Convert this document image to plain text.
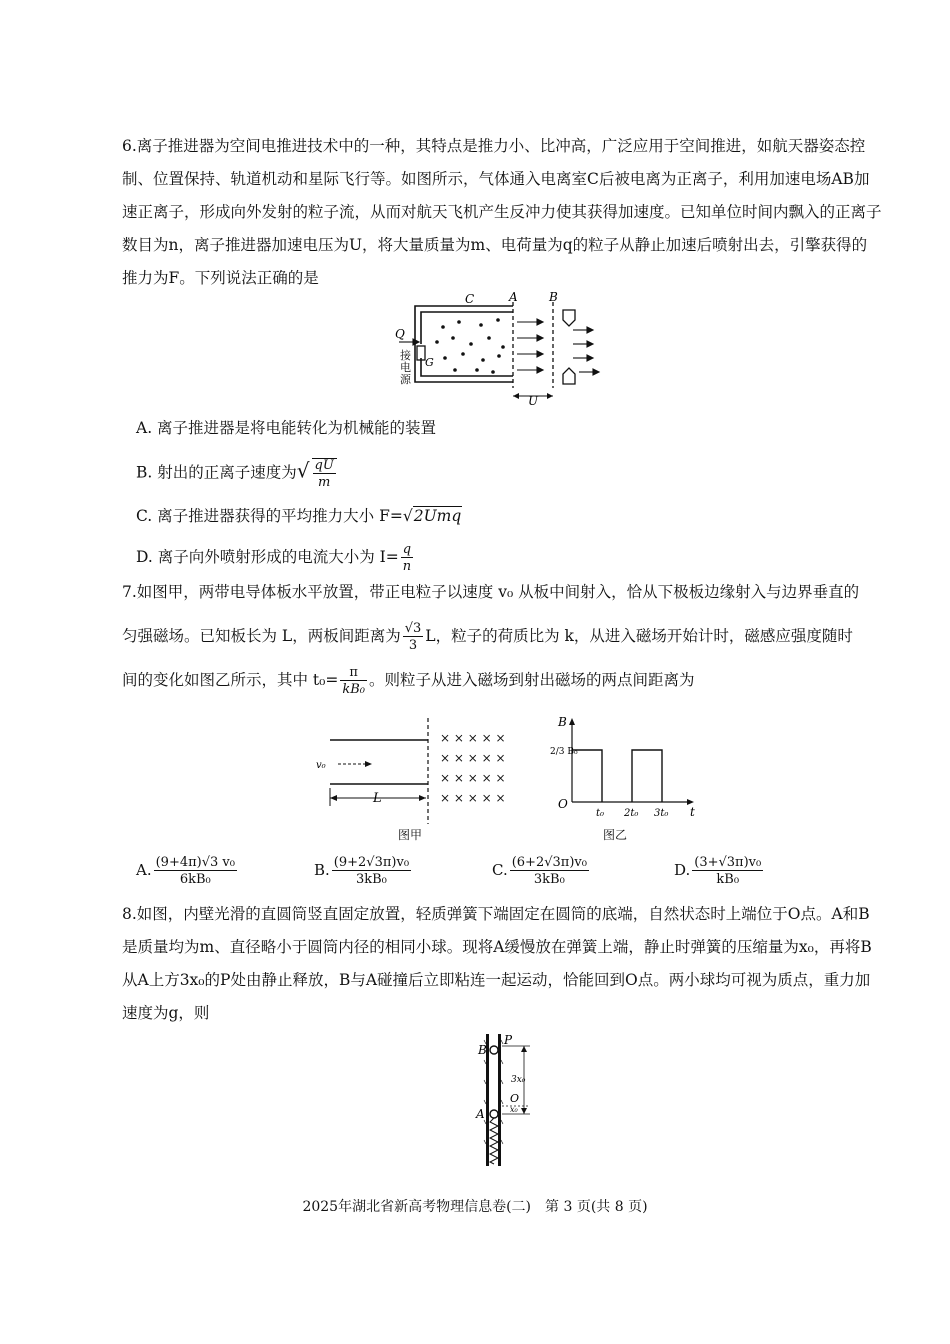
6.离子推进器为空间电推进技术中的一种，其特点是推力小、比冲高，广泛应用于空间推进，如航天器姿态控制、位置保持、轨道机动和星际飞行等。如图所示，气体通入电离室C后被电离为正离子，利用加速电场AB加速正离子，形成向外发射的粒子流，从而对航天飞机产生反冲力使其获得加速度。已知单位时间内飘入的正离子数目为n，离子推进器加速电压为U，将大量质量为m、电荷量为q的粒子从静止加速后喷射出去，引擎获得的推力为F。下列说法正确的是

C	A	B
Q
G
U
接电源
A. 离子推进器是将电能转化为机械能的装置
B. 射出的正离子速度为√ $\frac{qU}{m}$
C. 离子推进器获得的平均推力大小 F=√2Umq
D. 离子向外喷射形成的电流大小为 $I= \frac{q}{n}$

7.如图甲，两带电导体板水平放置，带正电粒子以速度 v₀ 从板中间射入，恰从下极板边缘射入与边界垂直的

匀强磁场。已知板长为 L，两板间距离为 $\frac{√3}{3}$ L，粒子的荷质比为 k，从进入磁场开始计时，磁感应强度随时

间的变化如图乙所示，其中 $t_0= \frac{\pi}{\text{kB₀}}$ 。则粒子从进入磁场到射出磁场的两点间距离为

× × × × ×
× × × × ×
× × × × ×
× × × × ×
v₀
L
图甲
B
t
O
2/3 B₀
t₀ 2t₀ 3t₀
图乙
A. $\frac{\text{(9+4π)√3 v₀}}{\text{6kB₀}}$	B. $\frac{\text{(9+2√3π)v₀}}{\text{3kB₀}}$	C. $\frac{\text{(6+2√3π)v₀}}{\text{3kB₀}}$	D. $\frac{\text{(3+√3π)v₀}}{\text{kB₀}}$

8.如图，内壁光滑的直圆筒竖直固定放置，轻质弹簧下端固定在圆筒的底端，自然状态时上端位于O点。A和B是质量均为m、直径略小于圆筒内径的相同小球。现将A缓慢放在弹簧上端，静止时弹簧的压缩量为x₀，再将B从A上方3x₀的P处由静止释放，B与A碰撞后立即粘连一起运动，恰能回到O点。两小球均可视为质点，重力加速度为g，则

B
P
3x₀
O
A	x₀
2025年湖北省新高考物理信息卷(二)　第 3 页(共 8 页)
